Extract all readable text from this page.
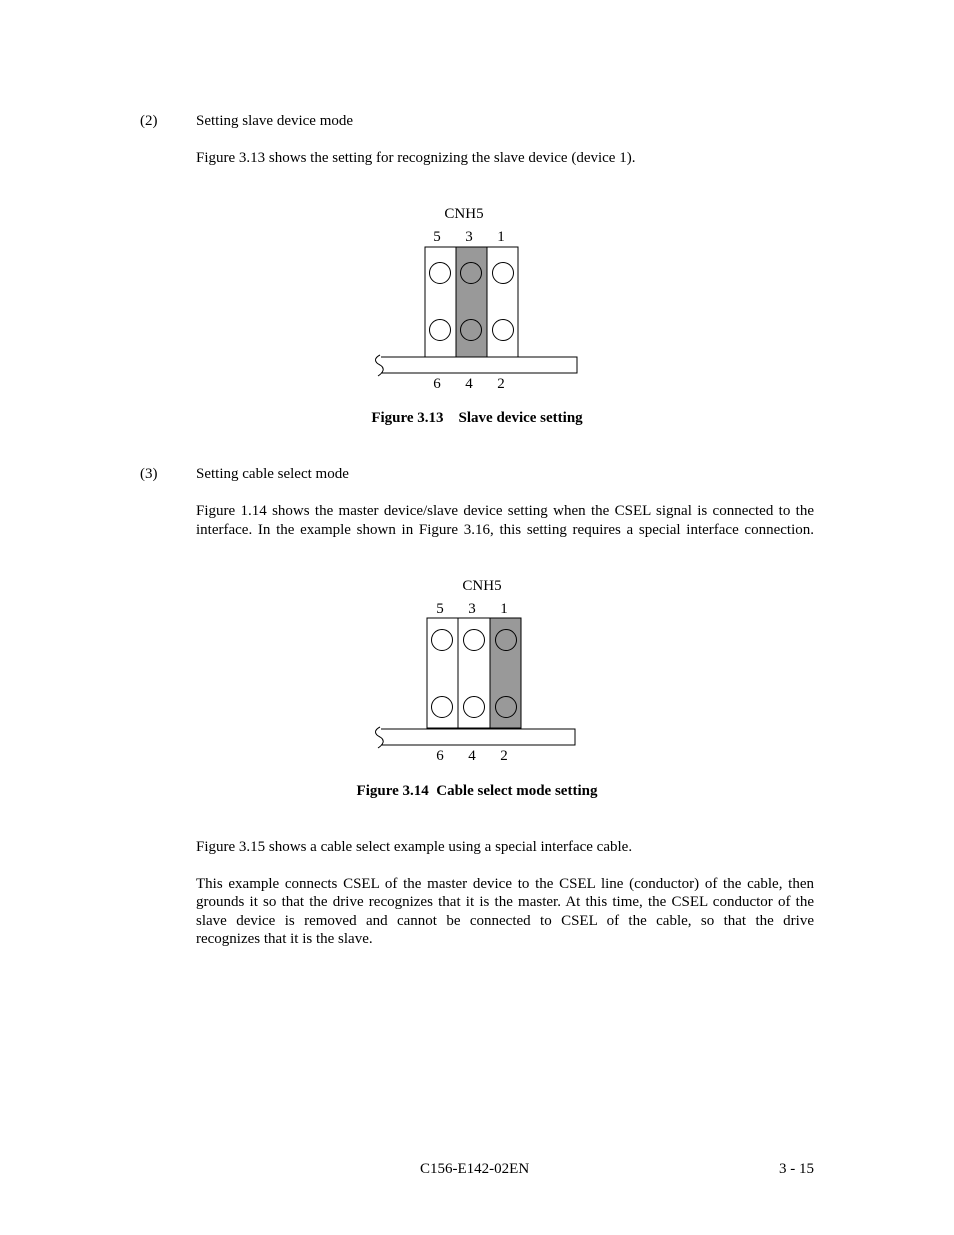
(2)	Setting slave device mode
Figure 3.13 shows the setting for recognizing the slave device (device 1).
CNH5
5 3 1
6 4 2
Figure 3.13    Slave device setting
(3)	Setting cable select mode
Figure 1.14 shows the master device/slave device setting when the CSEL signal is connected to the
interface. In the example shown in Figure 3.16, this setting requires a special interface connection.
CNH5
5 3 1
6 4 2
Figure 3.14  Cable select mode setting
Figure 3.15 shows a cable select example using a special interface cable.
This example connects CSEL of the master device to the CSEL line (conductor) of the cable, then
grounds it so that the drive recognizes that it is the master. At this time, the CSEL conductor of the
slave device is removed and cannot be connected to CSEL of the cable, so that the drive
recognizes that it is the slave.
C156-E142-02EN	3 - 15
